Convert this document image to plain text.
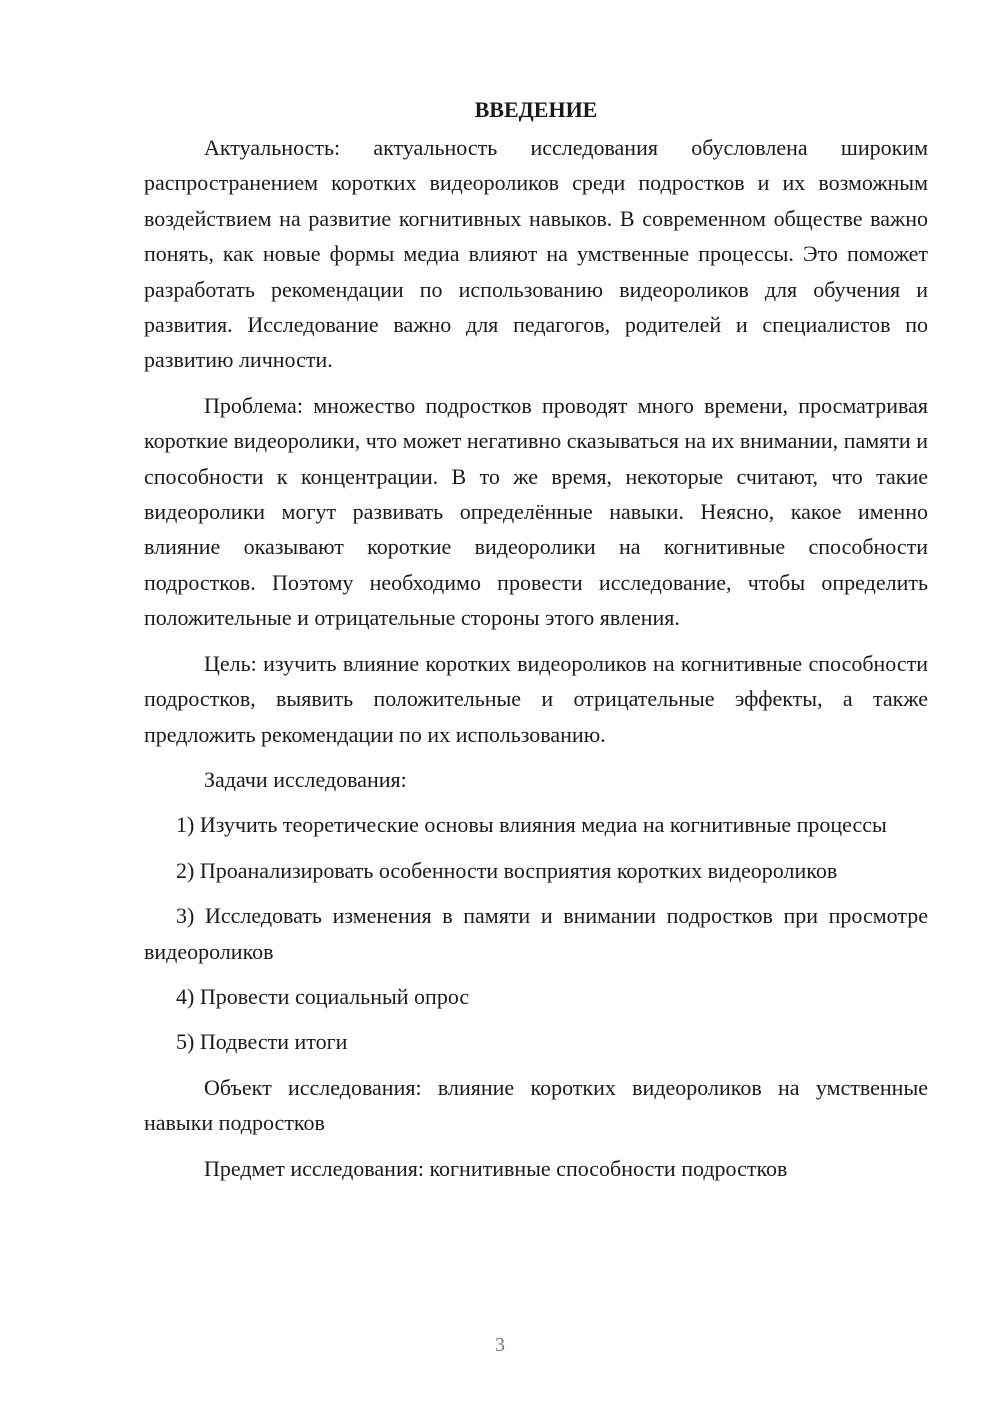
ВВЕДЕНИЕ

Актуальность: актуальность исследования обусловлена широким распространением коротких видеороликов среди подростков и их возможным воздействием на развитие когнитивных навыков. В современном обществе важно понять, как новые формы медиа влияют на умственные процессы. Это поможет разработать рекомендации по использованию видеороликов для обучения и развития. Исследование важно для педагогов, родителей и специалистов по развитию личности.

Проблема: множество подростков проводят много времени, просматривая короткие видеоролики, что может негативно сказываться на их внимании, памяти и способности к концентрации. В то же время, некоторые считают, что такие видеоролики могут развивать определённые навыки. Неясно, какое именно влияние оказывают короткие видеоролики на когнитивные способности подростков. Поэтому необходимо провести исследование, чтобы определить положительные и отрицательные стороны этого явления.

Цель: изучить влияние коротких видеороликов на когнитивные способности подростков, выявить положительные и отрицательные эффекты, а также предложить рекомендации по их использованию.

Задачи исследования:

1) Изучить теоретические основы влияния медиа на когнитивные процессы

2) Проанализировать особенности восприятия коротких видеороликов

3) Исследовать изменения в памяти и внимании подростков при просмотре видеороликов

4) Провести социальный опрос

5) Подвести итоги

Объект исследования: влияние коротких видеороликов на умственные навыки подростков

Предмет исследования: когнитивные способности подростков

3
